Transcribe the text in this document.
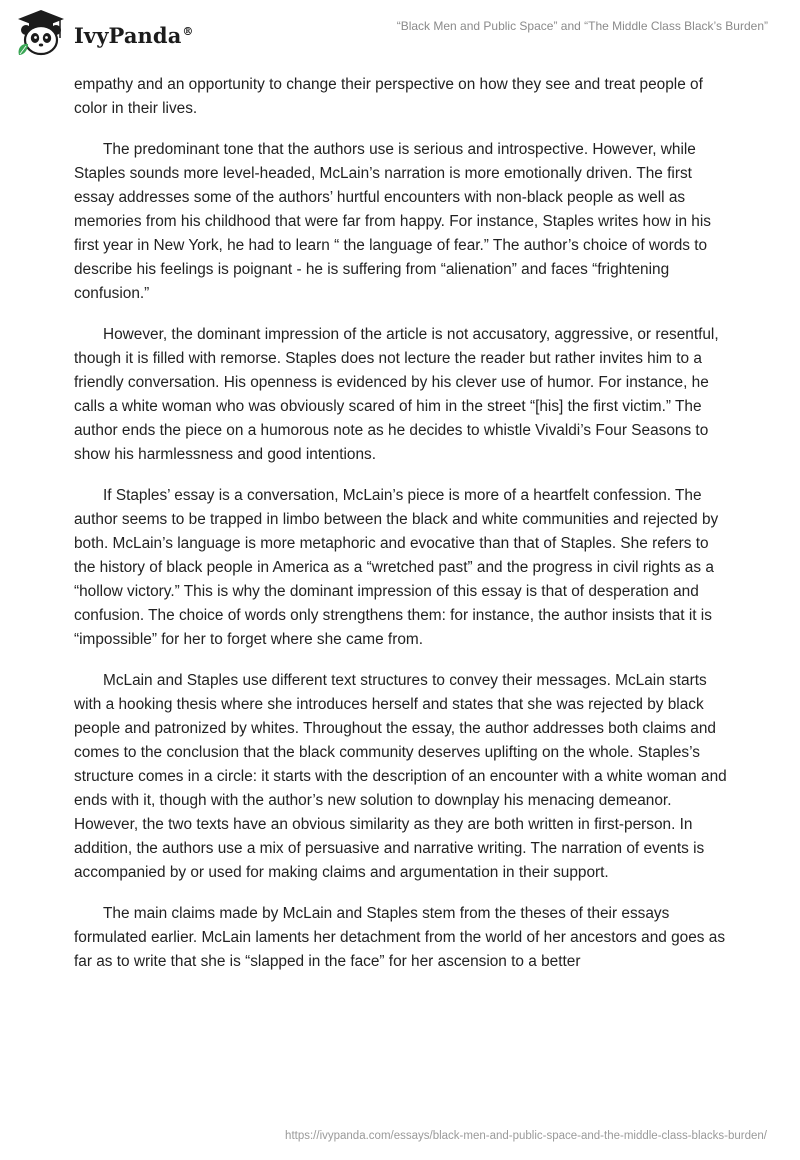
IvyPanda®	“Black Men and Public Space” and “The Middle Class Black’s Burden”

empathy and an opportunity to change their perspective on how they see and treat people of color in their lives.

The predominant tone that the authors use is serious and introspective. However, while Staples sounds more level-headed, McLain’s narration is more emotionally driven. The first essay addresses some of the authors’ hurtful encounters with non-black people as well as memories from his childhood that were far from happy. For instance, Staples writes how in his first year in New York, he had to learn “ the language of fear.” The author’s choice of words to describe his feelings is poignant - he is suffering from “alienation” and faces “frightening confusion.”

However, the dominant impression of the article is not accusatory, aggressive, or resentful, though it is filled with remorse. Staples does not lecture the reader but rather invites him to a friendly conversation. His openness is evidenced by his clever use of humor. For instance, he calls a white woman who was obviously scared of him in the street “[his] the first victim.” The author ends the piece on a humorous note as he decides to whistle Vivaldi’s Four Seasons to show his harmlessness and good intentions.

If Staples’ essay is a conversation, McLain’s piece is more of a heartfelt confession. The author seems to be trapped in limbo between the black and white communities and rejected by both. McLain’s language is more metaphoric and evocative than that of Staples. She refers to the history of black people in America as a “wretched past” and the progress in civil rights as a “hollow victory.” This is why the dominant impression of this essay is that of desperation and confusion. The choice of words only strengthens them: for instance, the author insists that it is “impossible” for her to forget where she came from.

McLain and Staples use different text structures to convey their messages. McLain starts with a hooking thesis where she introduces herself and states that she was rejected by black people and patronized by whites. Throughout the essay, the author addresses both claims and comes to the conclusion that the black community deserves uplifting on the whole. Staples’s structure comes in a circle: it starts with the description of an encounter with a white woman and ends with it, though with the author’s new solution to downplay his menacing demeanor. However, the two texts have an obvious similarity as they are both written in first-person. In addition, the authors use a mix of persuasive and narrative writing. The narration of events is accompanied by or used for making claims and argumentation in their support.

The main claims made by McLain and Staples stem from the theses of their essays formulated earlier. McLain laments her detachment from the world of her ancestors and goes as far as to write that she is “slapped in the face” for her ascension to a better

https://ivypanda.com/essays/black-men-and-public-space-and-the-middle-class-blacks-burden/
